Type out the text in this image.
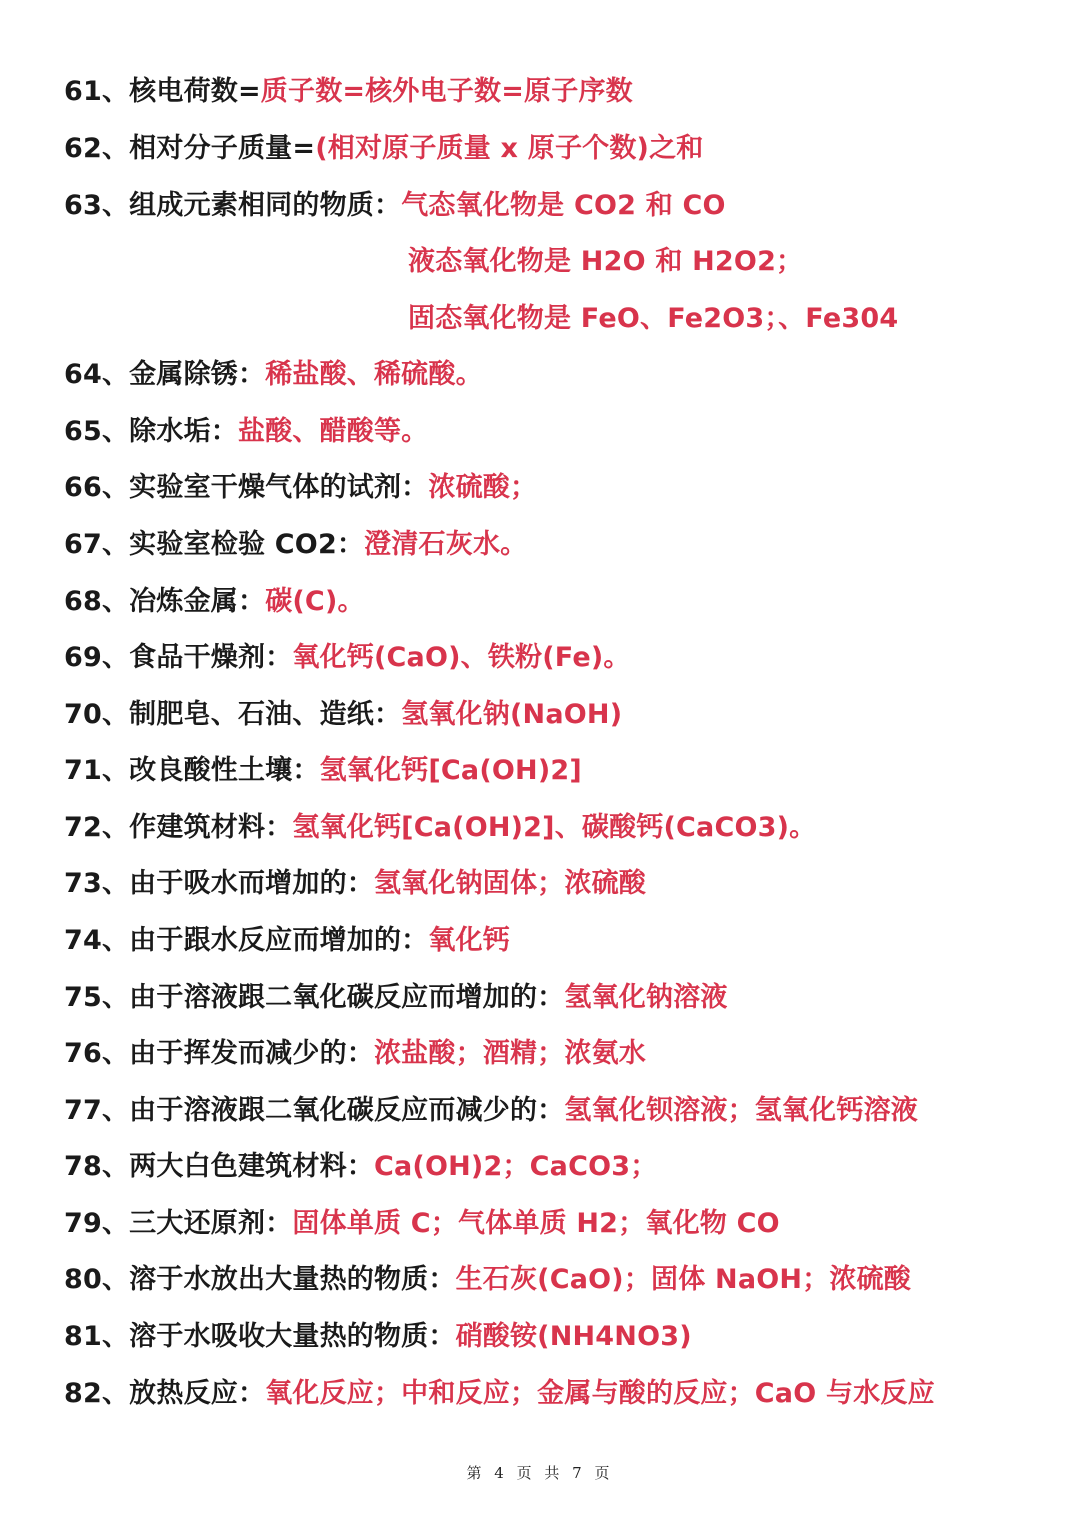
61、核电荷数=质子数=核外电子数=原子序数
62、相对分子质量=(相对原子质量 x 原子个数)之和
63、组成元素相同的物质：气态氧化物是 CO2 和 CO
液态氧化物是 H2O 和 H2O2；
固态氧化物是 FeO、Fe2O3；、Fe304
64、金属除锈：稀盐酸、稀硫酸。
65、除水垢：盐酸、醋酸等。
66、实验室干燥气体的试剂：浓硫酸；
67、实验室检验 CO2：澄清石灰水。
68、冶炼金属：碳(C)。
69、食品干燥剂：氧化钙(CaO)、铁粉(Fe)。
70、制肥皂、石油、造纸：氢氧化钠(NaOH)
71、改良酸性土壤：氢氧化钙[Ca(OH)2]
72、作建筑材料：氢氧化钙[Ca(OH)2]、碳酸钙(CaCO3)。
73、由于吸水而增加的：氢氧化钠固体；浓硫酸
74、由于跟水反应而增加的：氧化钙
75、由于溶液跟二氧化碳反应而增加的：氢氧化钠溶液
76、由于挥发而减少的：浓盐酸；酒精；浓氨水
77、由于溶液跟二氧化碳反应而减少的：氢氧化钡溶液；氢氧化钙溶液
78、两大白色建筑材料：Ca(OH)2；CaCO3；
79、三大还原剂：固体单质 C；气体单质 H2；氧化物 CO
80、溶于水放出大量热的物质：生石灰(CaO)；固体 NaOH；浓硫酸
81、溶于水吸收大量热的物质：硝酸铵(NH4NO3)
82、放热反应：氧化反应；中和反应；金属与酸的反应；CaO 与水反应
第 4 页 共 7 页
